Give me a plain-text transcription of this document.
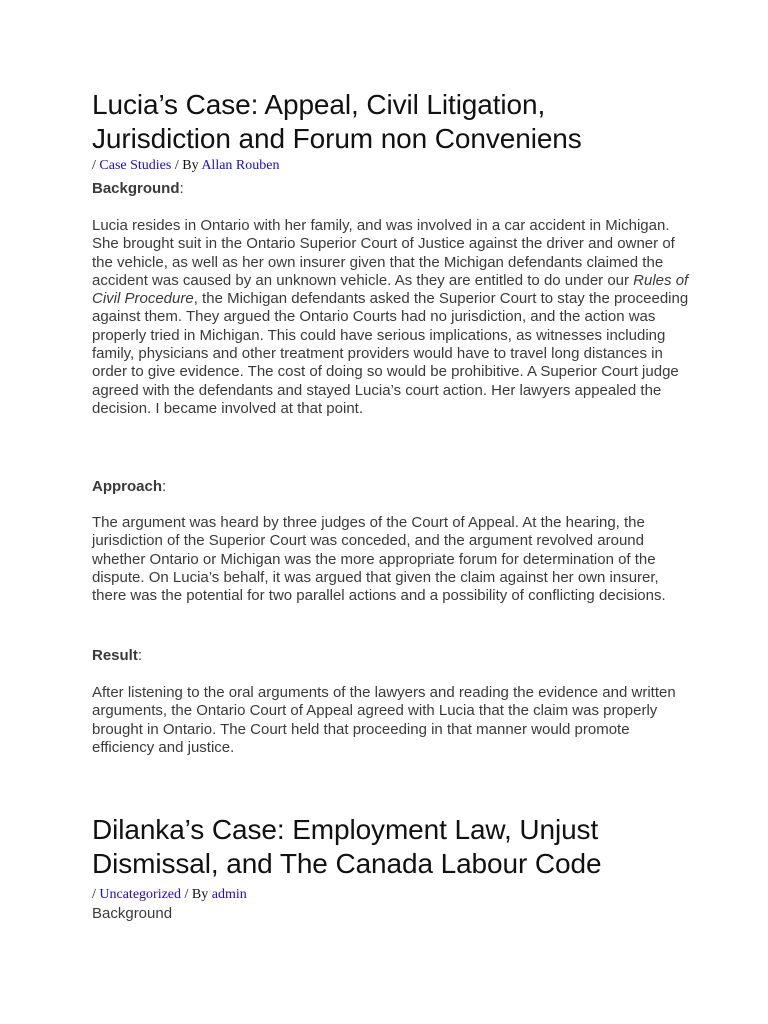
Lucia’s Case: Appeal, Civil Litigation,
Jurisdiction and Forum non Conveniens
/ Case Studies / By Allan Rouben

Background:

Lucia resides in Ontario with her family, and was involved in a car accident in Michigan. She brought suit in the Ontario Superior Court of Justice against the driver and owner of the vehicle, as well as her own insurer given that the Michigan defendants claimed the accident was caused by an unknown vehicle. As they are entitled to do under our Rules of Civil Procedure, the Michigan defendants asked the Superior Court to stay the proceeding against them. They argued the Ontario Courts had no jurisdiction, and the action was properly tried in Michigan. This could have serious implications, as witnesses including family, physicians and other treatment providers would have to travel long distances in order to give evidence. The cost of doing so would be prohibitive. A Superior Court judge agreed with the defendants and stayed Lucia’s court action. Her lawyers appealed the decision. I became involved at that point.

Approach:

The argument was heard by three judges of the Court of Appeal. At the hearing, the jurisdiction of the Superior Court was conceded, and the argument revolved around whether Ontario or Michigan was the more appropriate forum for determination of the dispute. On Lucia’s behalf, it was argued that given the claim against her own insurer, there was the potential for two parallel actions and a possibility of conflicting decisions.

Result:

After listening to the oral arguments of the lawyers and reading the evidence and written arguments, the Ontario Court of Appeal agreed with Lucia that the claim was properly brought in Ontario. The Court held that proceeding in that manner would promote efficiency and justice.

Dilanka’s Case: Employment Law, Unjust
Dismissal, and The Canada Labour Code
/ Uncategorized / By admin
Background
